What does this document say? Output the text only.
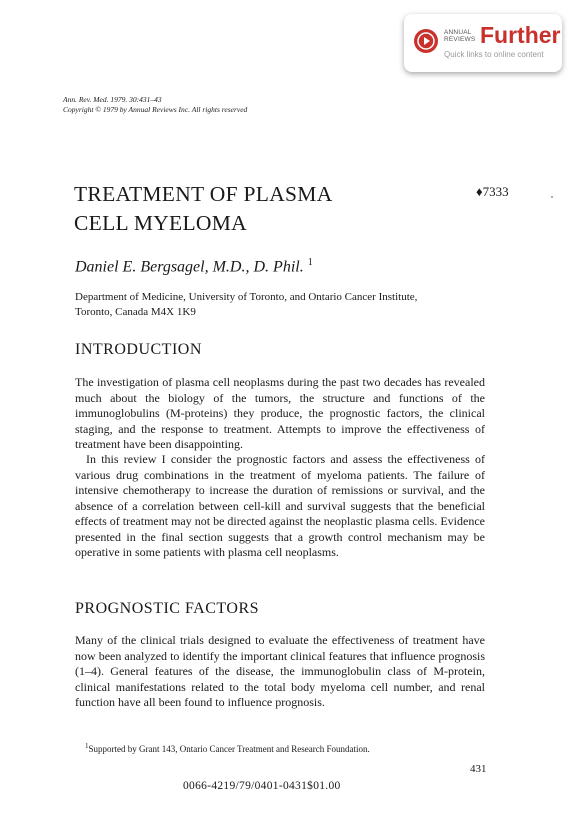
ANNUAL
REVIEWS Further
Quick links to online content
Ann. Rev. Med. 1979. 30:431–43
Copyright © 1979 by Annual Reviews Inc. All rights reserved
TREATMENT OF PLASMA
CELL MYELOMA
♦7333
Daniel E. Bergsagel, M.D., D. Phil. $^1$
Department of Medicine, University of Toronto, and Ontario Cancer Institute,
Toronto, Canada M4X 1K9
INTRODUCTION

The investigation of plasma cell neoplasms during the past two decades has revealed much about the biology of the tumors, the structure and functions of the immunoglobulins (M-proteins) they produce, the prognostic factors, the clinical staging, and the response to treatment. Attempts to improve the effectiveness of treatment have been disappointing.

In this review I consider the prognostic factors and assess the effectiveness of various drug combinations in the treatment of myeloma patients. The failure of intensive chemotherapy to increase the duration of remissions or survival, and the absence of a correlation between cell-kill and survival suggests that the beneficial effects of treatment may not be directed against the neoplastic plasma cells. Evidence presented in the final section suggests that a growth control mechanism may be operative in some patients with plasma cell neoplasms.

PROGNOSTIC FACTORS

Many of the clinical trials designed to evaluate the effectiveness of treatment have now been analyzed to identify the important clinical features that influence prognosis (1–4). General features of the disease, the immunoglobulin class of M-protein, clinical manifestations related to the total body myeloma cell number, and renal function have all been found to influence prognosis.

$^1$Supported by Grant 143, Ontario Cancer Treatment and Research Foundation.
431
0066-4219/79/0401-0431$01.00
